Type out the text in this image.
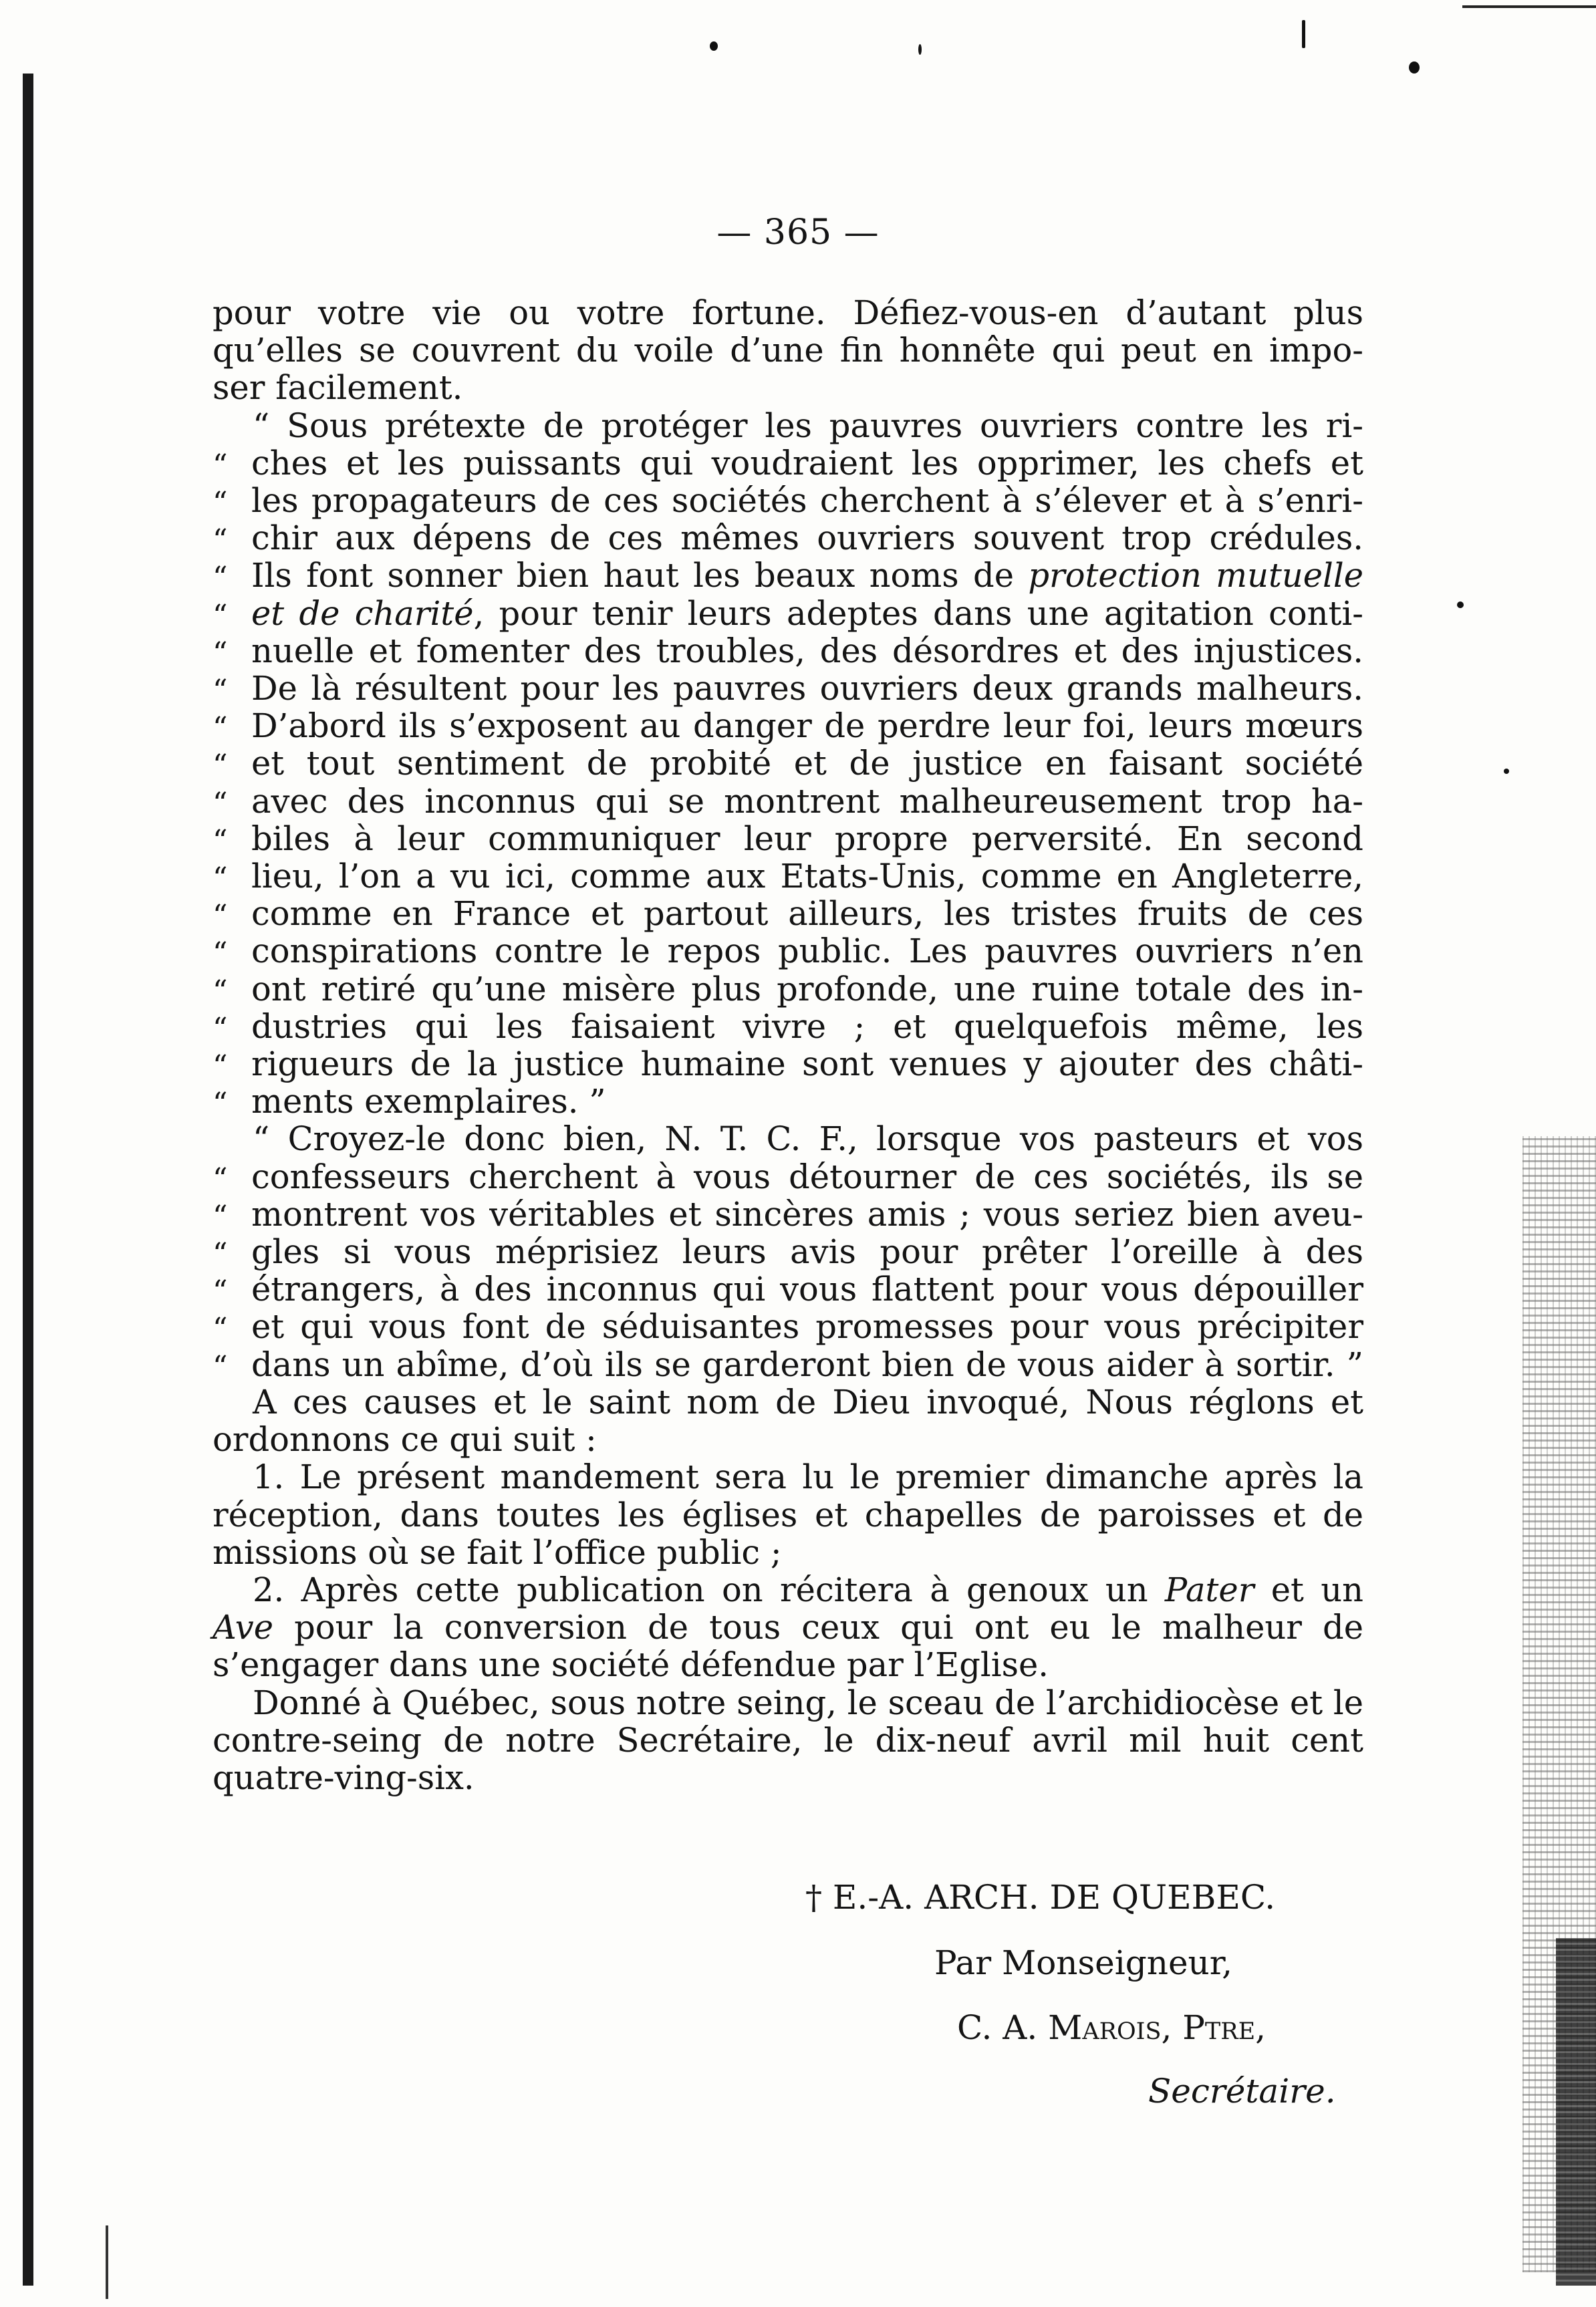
— 365 —
pour votre vie ou votre fortune. Défiez-vous-en d’autant plus
qu’elles se couvrent du voile d’une fin honnête qui peut en impo-
ser facilement.
“ Sous prétexte de protéger les pauvres ouvriers contre les ri-
“ ches et les puissants qui voudraient les opprimer, les chefs et
“ les propagateurs de ces sociétés cherchent à s’élever et à s’enri-
“ chir aux dépens de ces mêmes ouvriers souvent trop crédules.
“ Ils font sonner bien haut les beaux noms de protection mutuelle
“ et de charité, pour tenir leurs adeptes dans une agitation conti-
“ nuelle et fomenter des troubles, des désordres et des injustices.
“ De là résultent pour les pauvres ouvriers deux grands malheurs.
“ D’abord ils s’exposent au danger de perdre leur foi, leurs mœurs
“ et tout sentiment de probité et de justice en faisant société
“ avec des inconnus qui se montrent malheureusement trop ha-
“ biles à leur communiquer leur propre perversité. En second
“ lieu, l’on a vu ici, comme aux Etats-Unis, comme en Angleterre,
“ comme en France et partout ailleurs, les tristes fruits de ces
“ conspirations contre le repos public. Les pauvres ouvriers n’en
“ ont retiré qu’une misère plus profonde, une ruine totale des in-
“ dustries qui les faisaient vivre ; et quelquefois même, les
“ rigueurs de la justice humaine sont venues y ajouter des châti-
“ ments exemplaires. ”
“ Croyez-le donc bien, N. T. C. F., lorsque vos pasteurs et vos
“ confesseurs cherchent à vous détourner de ces sociétés, ils se
“ montrent vos véritables et sincères amis ; vous seriez bien aveu-
“ gles si vous méprisiez leurs avis pour prêter l’oreille à des
“ étrangers, à des inconnus qui vous flattent pour vous dépouiller
“ et qui vous font de séduisantes promesses pour vous précipiter
“ dans un abîme, d’où ils se garderont bien de vous aider à sortir. ”
A ces causes et le saint nom de Dieu invoqué, Nous réglons et
ordonnons ce qui suit :
1. Le présent mandement sera lu le premier dimanche après la
réception, dans toutes les églises et chapelles de paroisses et de
missions où se fait l’office public ;
2. Après cette publication on récitera à genoux un Pater et un
Ave pour la conversion de tous ceux qui ont eu le malheur de
s’engager dans une société défendue par l’Eglise.
Donné à Québec, sous notre seing, le sceau de l’archidiocèse et le
contre-seing de notre Secrétaire, le dix-neuf avril mil huit cent
quatre-ving-six.
† E.-A. ARCH. DE QUEBEC.
Par Monseigneur,
C. A. Marois, Ptre,
Secrétaire.
